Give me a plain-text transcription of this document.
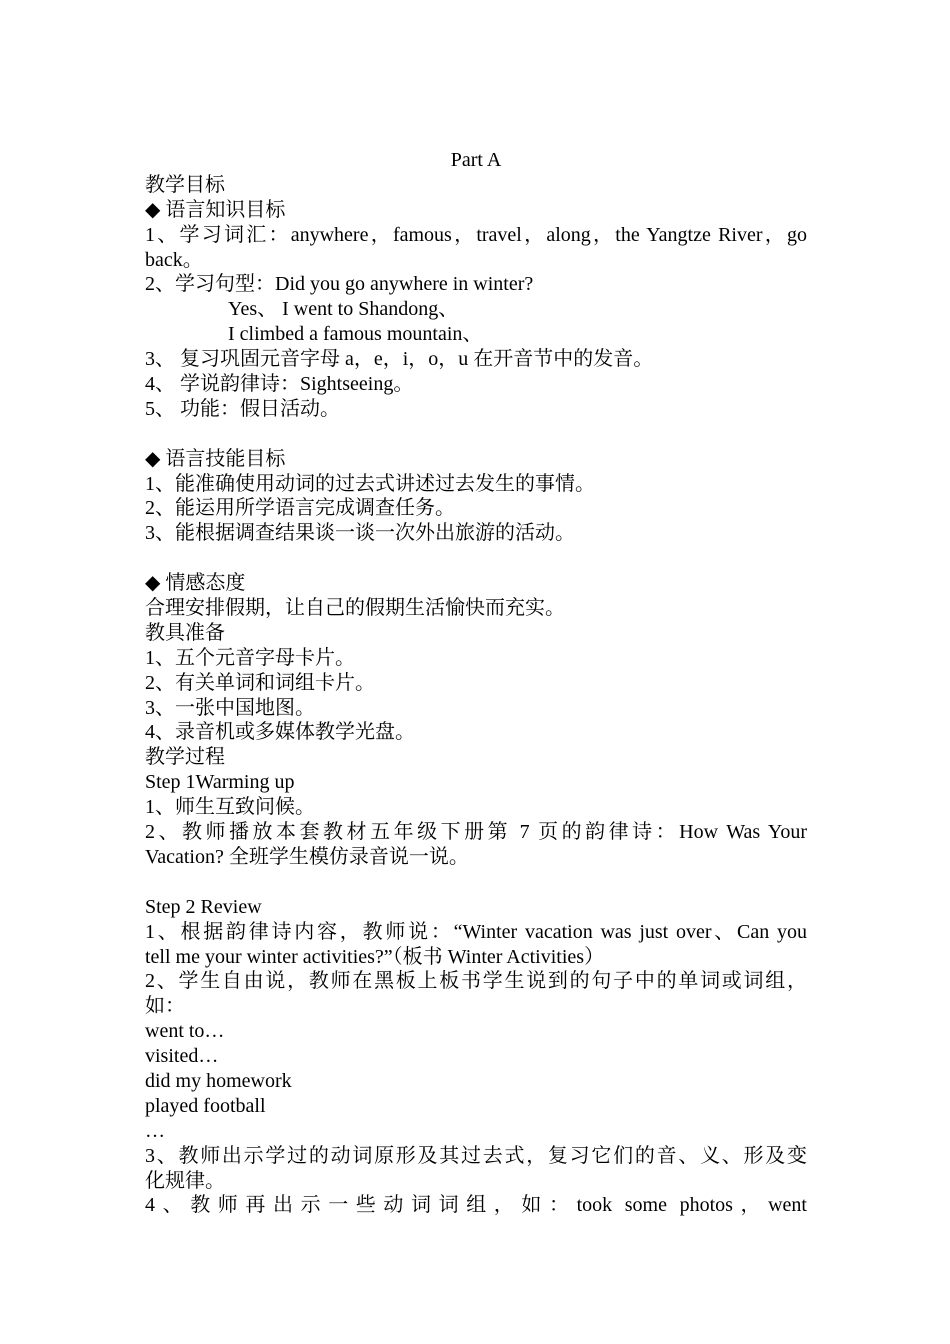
Part A
教学目标
◆ 语言知识目标
1、学习词汇：anywhere，famous，travel，along，the Yangtze River，go
back。
2、学习句型：Did you go anywhere in winter?
Yes、 I went to Shandong、
I climbed a famous mountain、
3、 复习巩固元音字母 a，e，i，o，u 在开音节中的发音。
4、 学说韵律诗：Sightseeing。
5、 功能：假日活动。
◆ 语言技能目标
1、能准确使用动词的过去式讲述过去发生的事情。
2、能运用所学语言完成调查任务。
3、能根据调查结果谈一谈一次外出旅游的活动。
◆ 情感态度
合理安排假期，让自己的假期生活愉快而充实。
教具准备
1、五个元音字母卡片。
2、有关单词和词组卡片。
3、一张中国地图。
4、录音机或多媒体教学光盘。
教学过程
Step 1Warming up
1、师生互致问候。
2、教师播放本套教材五年级下册第 7 页的韵律诗：How Was Your
Vacation? 全班学生模仿录音说一说。
Step 2 Review
1、根据韵律诗内容，教师说：“Winter vacation was just over、Can you
tell me your winter activities?”（板书 Winter Activities）
2、学生自由说，教师在黑板上板书学生说到的句子中的单词或词组，
如：
went to…
visited…
did my homework
played football
…
3、教师出示学过的动词原形及其过去式，复习它们的音、义、形及变
化规律。
4、教师再出示一些动词词组，如：took some photos，went
